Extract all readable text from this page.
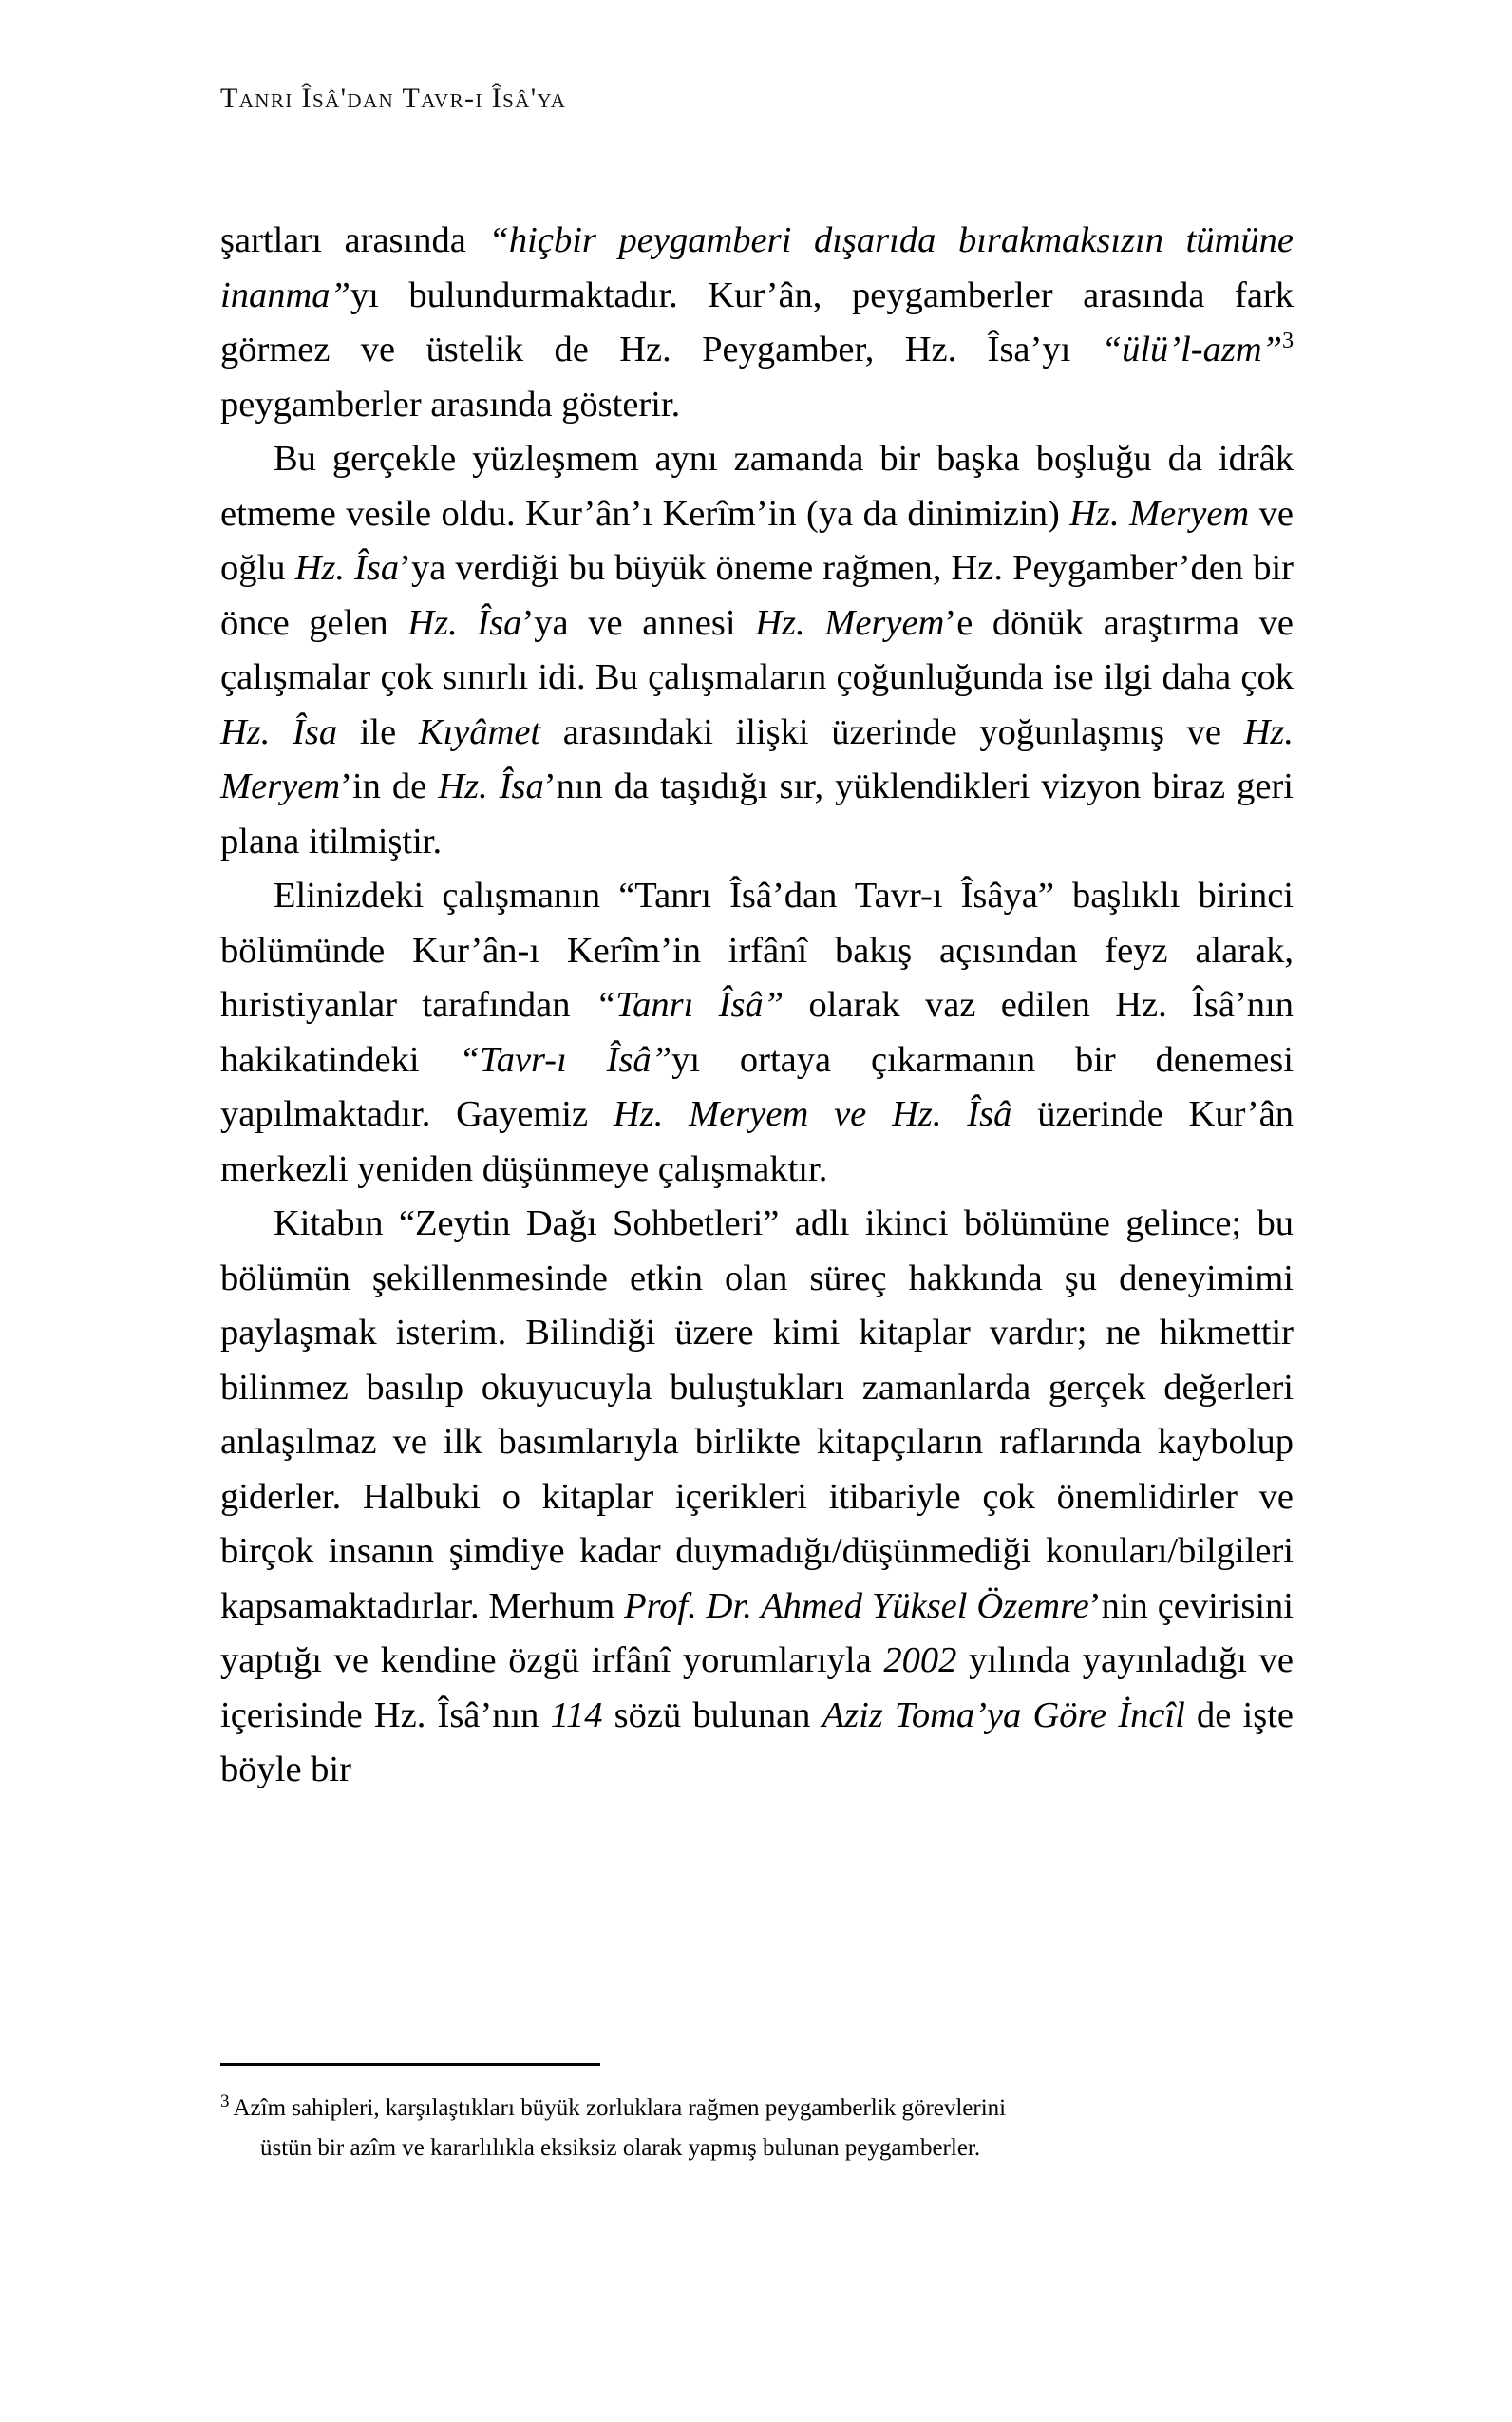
Tanrı Îsâ'dan Tavr-ı Îsâ'ya

şartları arasında “hiçbir peygamberi dışarıda bırakmaksızın tümüne inanma”yı bulundurmaktadır. Kur’ân, peygamberler arasında fark görmez ve üstelik de Hz. Peygamber, Hz. Îsa’yı “ülü’l-azm”$^3$ peygamberler arasında gösterir.

Bu gerçekle yüzleşmem aynı zamanda bir başka boşluğu da idrâk etmeme vesile oldu. Kur’ân’ı Kerîm’in (ya da dinimizin) Hz. Meryem ve oğlu Hz. Îsa’ya verdiği bu büyük öneme rağmen, Hz. Peygamber’den bir önce gelen Hz. Îsa’ya ve annesi Hz. Meryem’e dönük araştırma ve çalışmalar çok sınırlı idi. Bu çalışmaların çoğunluğunda ise ilgi daha çok Hz. Îsa ile Kıyâmet arasındaki ilişki üzerinde yoğunlaşmış ve Hz. Meryem’in de Hz. Îsa’nın da taşıdığı sır, yüklendikleri vizyon biraz geri plana itilmiştir.

Elinizdeki çalışmanın “Tanrı Îsâ’dan Tavr-ı Îsâya” başlıklı birinci bölümünde Kur’ân-ı Kerîm’in irfânî bakış açısından feyz alarak, hıristiyanlar tarafından “Tanrı Îsâ” olarak vaz edilen Hz. Îsâ’nın hakikatindeki “Tavr-ı Îsâ”yı ortaya çıkarmanın bir denemesi yapılmaktadır. Gayemiz Hz. Meryem ve Hz. Îsâ üzerinde Kur’ân merkezli yeniden düşünmeye çalışmaktır.

Kitabın “Zeytin Dağı Sohbetleri” adlı ikinci bölümüne gelince; bu bölümün şekillenmesinde etkin olan süreç hakkında şu deneyimimi paylaşmak isterim. Bilindiği üzere kimi kitaplar vardır; ne hikmettir bilinmez basılıp okuyucuyla buluştukları zamanlarda gerçek değerleri anlaşılmaz ve ilk basımlarıyla birlikte kitapçıların raflarında kaybolup giderler. Halbuki o kitaplar içerikleri itibariyle çok önemlidirler ve birçok insanın şimdiye kadar duymadığı/düşünmediği konuları/bilgileri kapsamaktadırlar. Merhum Prof. Dr. Ahmed Yüksel Özemre’nin çevirisini yaptığı ve kendine özgü irfânî yorumlarıyla 2002 yılında yayınladığı ve içerisinde Hz. Îsâ’nın 114 sözü bulunan Aziz Toma’ya Göre İncîl de işte böyle bir

$^3$ Azîm sahipleri, karşılaştıkları büyük zorluklara rağmen peygamberlik görevlerini
üstün bir azîm ve kararlılıkla eksiksiz olarak yapmış bulunan peygamberler.
